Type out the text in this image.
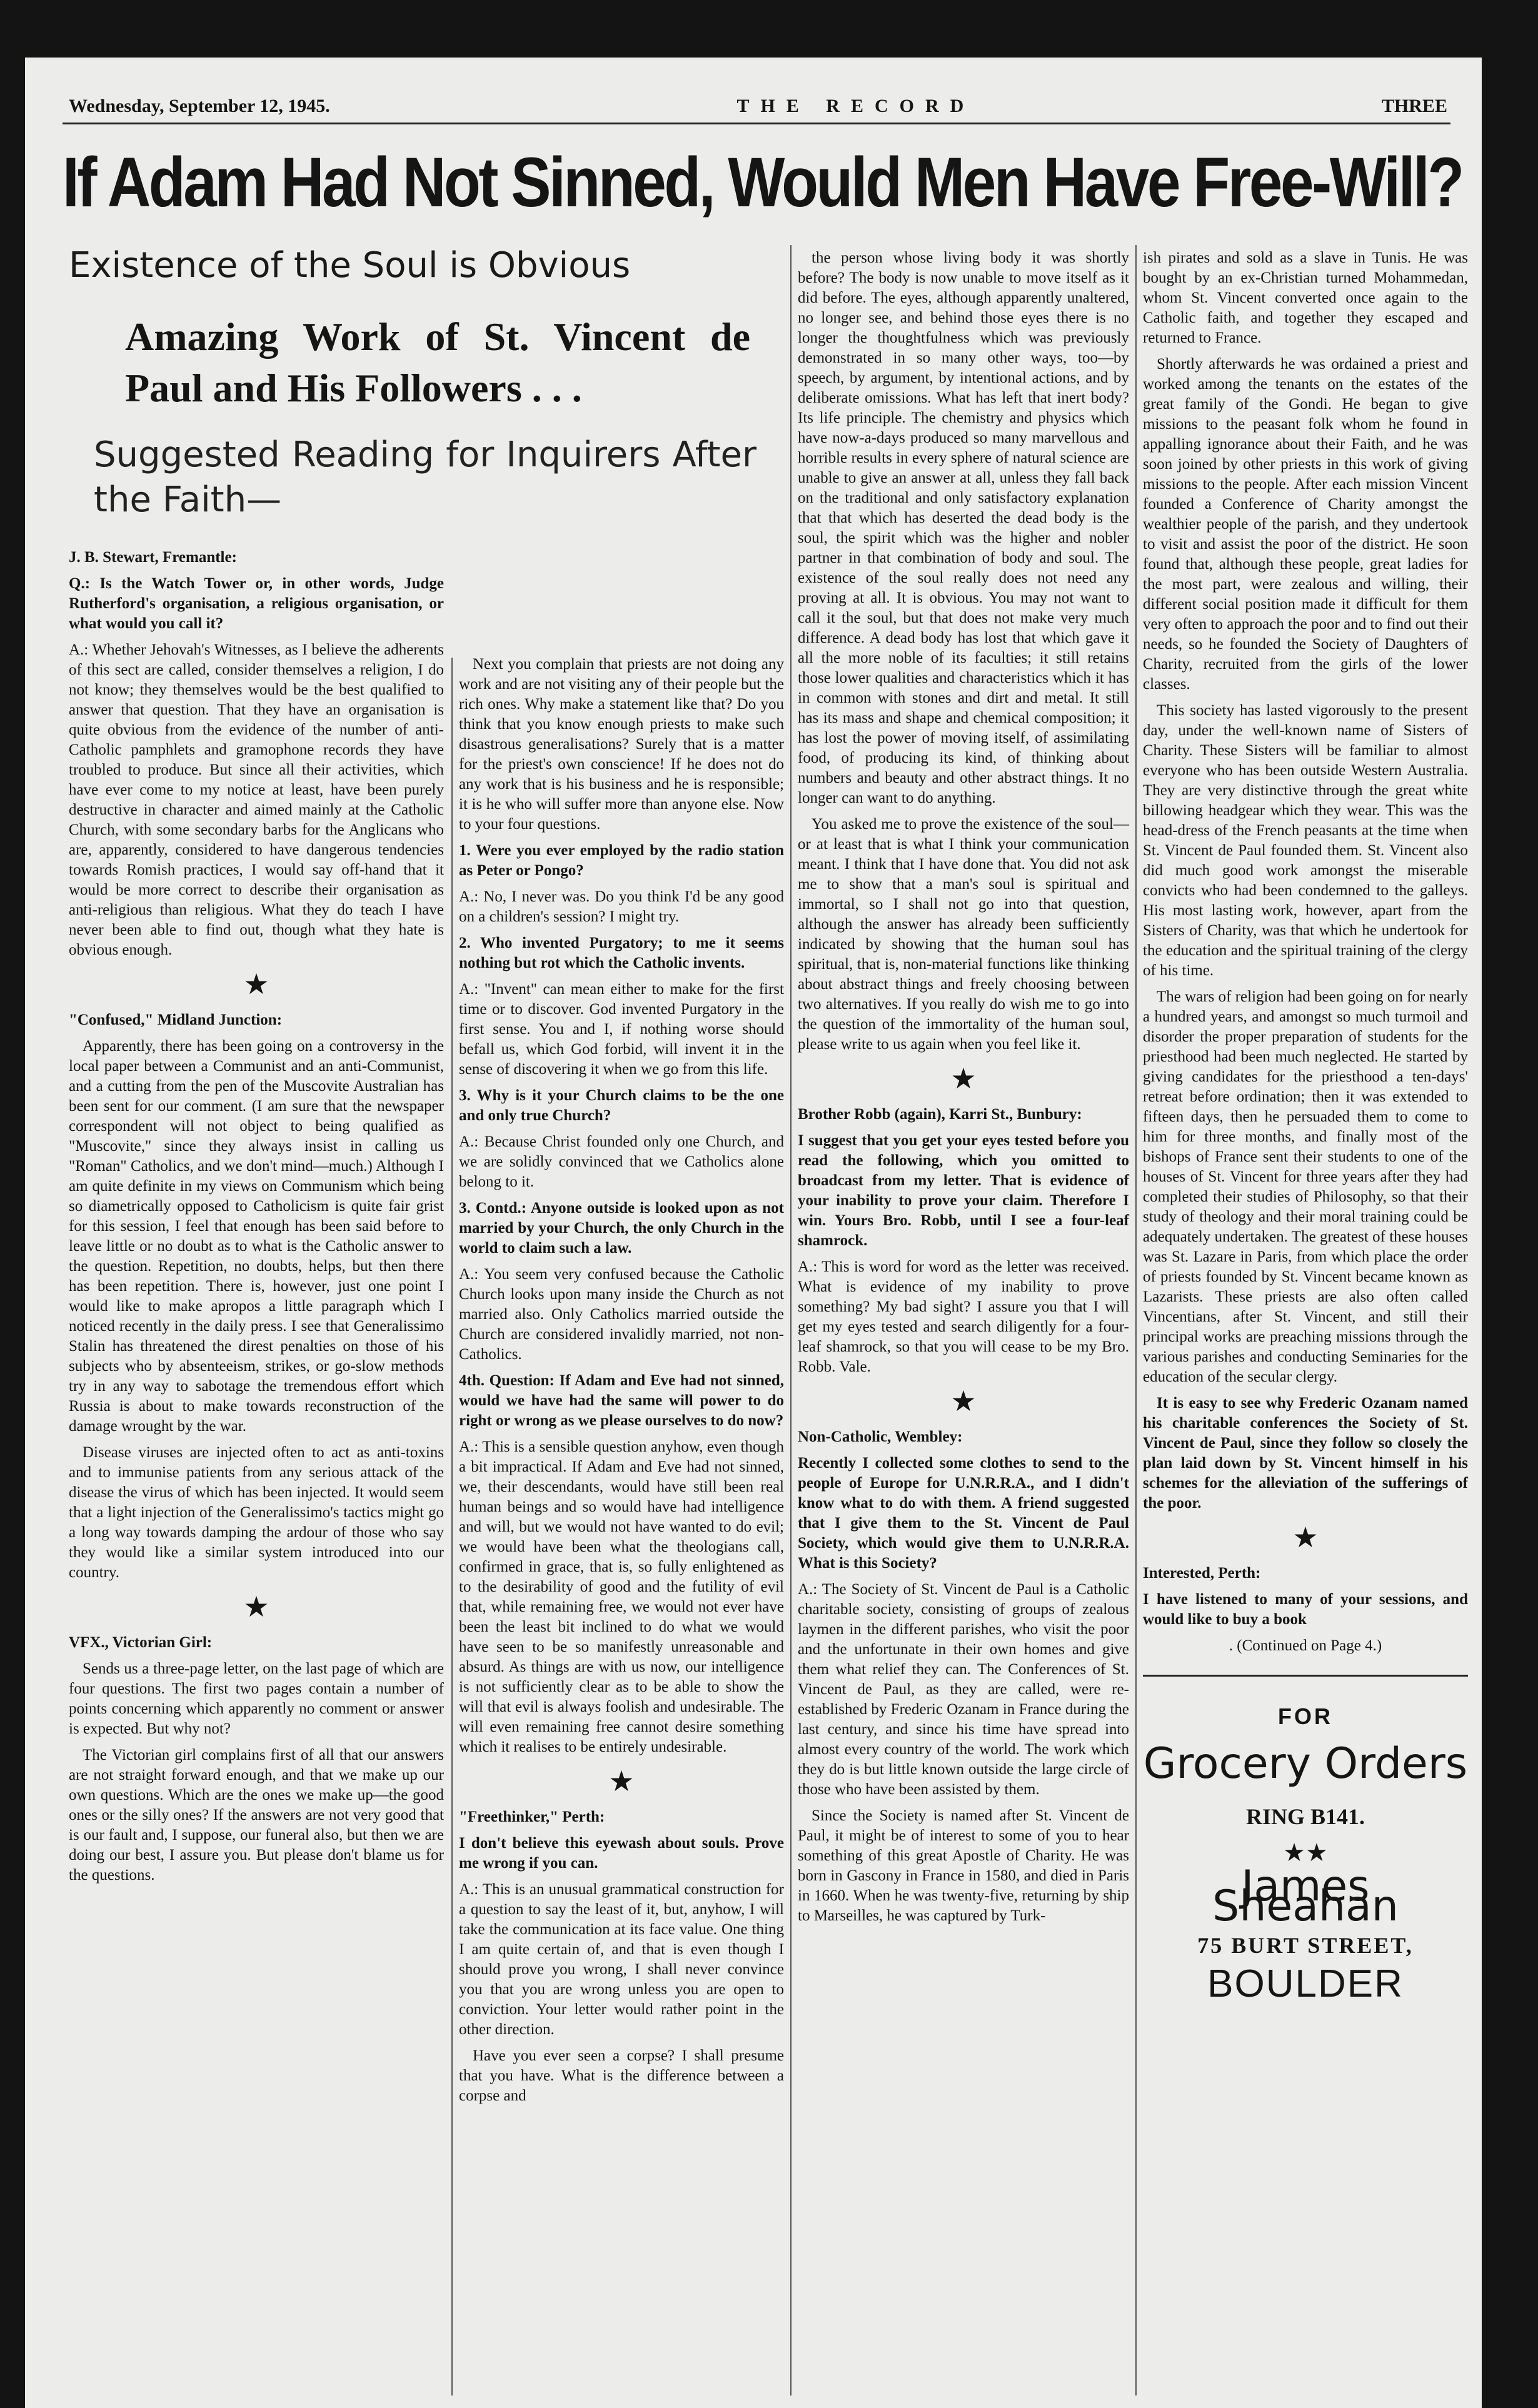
Wednesday, September 12, 1945.	THE RECORD	THREE
If Adam Had Not Sinned, Would Men Have Free-Will?
Existence of the Soul is Obvious
Amazing Work of St. Vincent de Paul and His Followers . . .
Suggested Reading for Inquirers After the Faith—

J. B. Stewart, Fremantle:

Q.: Is the Watch Tower or, in other words, Judge Rutherford's organisation, a religious organisation, or what would you call it?

A.: Whether Jehovah's Witnesses, as I believe the adherents of this sect are called, consider themselves a religion, I do not know; they themselves would be the best qualified to answer that question. That they have an organisation is quite obvious from the evidence of the number of anti-Catholic pamphlets and gramophone records they have troubled to produce. But since all their activities, which have ever come to my notice at least, have been purely destructive in character and aimed mainly at the Catholic Church, with some secondary barbs for the Anglicans who are, apparently, considered to have dangerous tendencies towards Romish practices, I would say off-hand that it would be more correct to describe their organisation as anti-religious than religious. What they do teach I have never been able to find out, though what they hate is obvious enough.

★

"Confused," Midland Junction:

Apparently, there has been going on a controversy in the local paper between a Communist and an anti-Communist, and a cutting from the pen of the Muscovite Australian has been sent for our comment. (I am sure that the newspaper correspondent will not object to being qualified as "Muscovite," since they always insist in calling us "Roman" Catholics, and we don't mind—much.) Although I am quite definite in my views on Communism which being so diametrically opposed to Catholicism is quite fair grist for this session, I feel that enough has been said before to leave little or no doubt as to what is the Catholic answer to the question. Repetition, no doubts, helps, but then there has been repetition. There is, however, just one point I would like to make apropos a little paragraph which I noticed recently in the daily press. I see that Generalissimo Stalin has threatened the direst penalties on those of his subjects who by absenteeism, strikes, or go-slow methods try in any way to sabotage the tremendous effort which Russia is about to make towards reconstruction of the damage wrought by the war.

Disease viruses are injected often to act as anti-toxins and to immunise patients from any serious attack of the disease the virus of which has been injected. It would seem that a light injection of the Generalissimo's tactics might go a long way towards damping the ardour of those who say they would like a similar system introduced into our country.

★

VFX., Victorian Girl:

Sends us a three-page letter, on the last page of which are four questions. The first two pages contain a number of points concerning which apparently no comment or answer is expected. But why not?

The Victorian girl complains first of all that our answers are not straight forward enough, and that we make up our own questions. Which are the ones we make up—the good ones or the silly ones? If the answers are not very good that is our fault and, I suppose, our funeral also, but then we are doing our best, I assure you. But please don't blame us for the questions.

Next you complain that priests are not doing any work and are not visiting any of their people but the rich ones. Why make a statement like that? Do you think that you know enough priests to make such disastrous generalisations? Surely that is a matter for the priest's own conscience! If he does not do any work that is his business and he is responsible; it is he who will suffer more than anyone else. Now to your four questions.

1. Were you ever employed by the radio station as Peter or Pongo?

A.: No, I never was. Do you think I'd be any good on a children's session? I might try.

2. Who invented Purgatory; to me it seems nothing but rot which the Catholic invents.

A.: "Invent" can mean either to make for the first time or to discover. God invented Purgatory in the first sense. You and I, if nothing worse should befall us, which God forbid, will invent it in the sense of discovering it when we go from this life.

3. Why is it your Church claims to be the one and only true Church?

A.: Because Christ founded only one Church, and we are solidly convinced that we Catholics alone belong to it.

3. Contd.: Anyone outside is looked upon as not married by your Church, the only Church in the world to claim such a law.

A.: You seem very confused because the Catholic Church looks upon many inside the Church as not married also. Only Catholics married outside the Church are considered invalidly married, not non-Catholics.

4th. Question: If Adam and Eve had not sinned, would we have had the same will power to do right or wrong as we please ourselves to do now?

A.: This is a sensible question anyhow, even though a bit impractical. If Adam and Eve had not sinned, we, their descendants, would have still been real human beings and so would have had intelligence and will, but we would not have wanted to do evil; we would have been what the theologians call, confirmed in grace, that is, so fully enlightened as to the desirability of good and the futility of evil that, while remaining free, we would not ever have been the least bit inclined to do what we would have seen to be so manifestly unreasonable and absurd. As things are with us now, our intelligence is not sufficiently clear as to be able to show the will that evil is always foolish and undesirable. The will even remaining free cannot desire something which it realises to be entirely undesirable.

★

"Freethinker," Perth:

I don't believe this eyewash about souls. Prove me wrong if you can.

A.: This is an unusual grammatical construction for a question to say the least of it, but, anyhow, I will take the communication at its face value. One thing I am quite certain of, and that is even though I should prove you wrong, I shall never convince you that you are wrong unless you are open to conviction. Your letter would rather point in the other direction.

Have you ever seen a corpse? I shall presume that you have. What is the difference between a corpse and

the person whose living body it was shortly before? The body is now unable to move itself as it did before. The eyes, although apparently unaltered, no longer see, and behind those eyes there is no longer the thoughtfulness which was previously demonstrated in so many other ways, too—by speech, by argument, by intentional actions, and by deliberate omissions. What has left that inert body? Its life principle. The chemistry and physics which have now-a-days produced so many marvellous and horrible results in every sphere of natural science are unable to give an answer at all, unless they fall back on the traditional and only satisfactory explanation that that which has deserted the dead body is the soul, the spirit which was the higher and nobler partner in that combination of body and soul. The existence of the soul really does not need any proving at all. It is obvious. You may not want to call it the soul, but that does not make very much difference. A dead body has lost that which gave it all the more noble of its faculties; it still retains those lower qualities and characteristics which it has in common with stones and dirt and metal. It still has its mass and shape and chemical composition; it has lost the power of moving itself, of assimilating food, of producing its kind, of thinking about numbers and beauty and other abstract things. It no longer can want to do anything.

You asked me to prove the existence of the soul—or at least that is what I think your communication meant. I think that I have done that. You did not ask me to show that a man's soul is spiritual and immortal, so I shall not go into that question, although the answer has already been sufficiently indicated by showing that the human soul has spiritual, that is, non-material functions like thinking about abstract things and freely choosing between two alternatives. If you really do wish me to go into the question of the immortality of the human soul, please write to us again when you feel like it.

★

Brother Robb (again), Karri St., Bunbury:

I suggest that you get your eyes tested before you read the following, which you omitted to broadcast from my letter. That is evidence of your inability to prove your claim. Therefore I win. Yours Bro. Robb, until I see a four-leaf shamrock.

A.: This is word for word as the letter was received. What is evidence of my inability to prove something? My bad sight? I assure you that I will get my eyes tested and search diligently for a four-leaf shamrock, so that you will cease to be my Bro. Robb. Vale.

★

Non-Catholic, Wembley:

Recently I collected some clothes to send to the people of Europe for U.N.R.R.A., and I didn't know what to do with them. A friend suggested that I give them to the St. Vincent de Paul Society, which would give them to U.N.R.R.A. What is this Society?

A.: The Society of St. Vincent de Paul is a Catholic charitable society, consisting of groups of zealous laymen in the different parishes, who visit the poor and the unfortunate in their own homes and give them what relief they can. The Conferences of St. Vincent de Paul, as they are called, were re-established by Frederic Ozanam in France during the last century, and since his time have spread into almost every country of the world. The work which they do is but little known outside the large circle of those who have been assisted by them.

Since the Society is named after St. Vincent de Paul, it might be of interest to some of you to hear something of this great Apostle of Charity. He was born in Gascony in France in 1580, and died in Paris in 1660. When he was twenty-five, returning by ship to Marseilles, he was captured by Turk-

ish pirates and sold as a slave in Tunis. He was bought by an ex-Christian turned Mohammedan, whom St. Vincent converted once again to the Catholic faith, and together they escaped and returned to France.

Shortly afterwards he was ordained a priest and worked among the tenants on the estates of the great family of the Gondi. He began to give missions to the peasant folk whom he found in appalling ignorance about their Faith, and he was soon joined by other priests in this work of giving missions to the people. After each mission Vincent founded a Conference of Charity amongst the wealthier people of the parish, and they undertook to visit and assist the poor of the district. He soon found that, although these people, great ladies for the most part, were zealous and willing, their different social position made it difficult for them very often to approach the poor and to find out their needs, so he founded the Society of Daughters of Charity, recruited from the girls of the lower classes.

This society has lasted vigorously to the present day, under the well-known name of Sisters of Charity. These Sisters will be familiar to almost everyone who has been outside Western Australia. They are very distinctive through the great white billowing headgear which they wear. This was the head-dress of the French peasants at the time when St. Vincent de Paul founded them. St. Vincent also did much good work amongst the miserable convicts who had been condemned to the galleys. His most lasting work, however, apart from the Sisters of Charity, was that which he undertook for the education and the spiritual training of the clergy of his time.

The wars of religion had been going on for nearly a hundred years, and amongst so much turmoil and disorder the proper preparation of students for the priesthood had been much neglected. He started by giving candidates for the priesthood a ten-days' retreat before ordination; then it was extended to fifteen days, then he persuaded them to come to him for three months, and finally most of the bishops of France sent their students to one of the houses of St. Vincent for three years after they had completed their studies of Philosophy, so that their study of theology and their moral training could be adequately undertaken. The greatest of these houses was St. Lazare in Paris, from which place the order of priests founded by St. Vincent became known as Lazarists. These priests are also often called Vincentians, after St. Vincent, and still their principal works are preaching missions through the various parishes and conducting Seminaries for the education of the secular clergy.

It is easy to see why Frederic Ozanam named his charitable conferences the Society of St. Vincent de Paul, since they follow so closely the plan laid down by St. Vincent himself in his schemes for the alleviation of the sufferings of the poor.

★

Interested, Perth:

I have listened to many of your sessions, and would like to buy a book

. (Continued on Page 4.)

FOR
Grocery Orders
RING B141.
★★
James Sheahan
75 BURT STREET,
BOULDER
